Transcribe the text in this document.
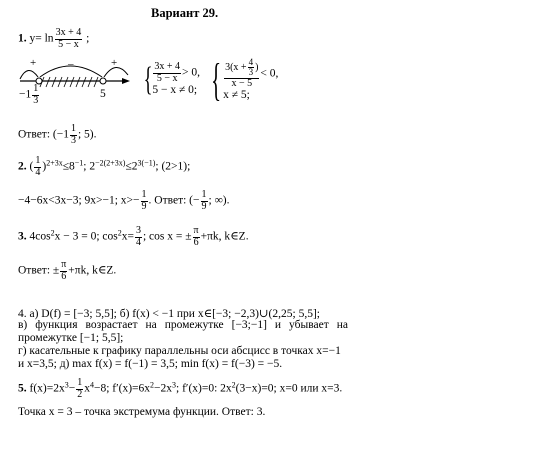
Вариант 29.
1. $y= \ln \frac{3x + 4}{5 - x}$ ;
+	–	+
$-1 \frac{1}{3}$	5 { $\frac{3x + 4}{5 - x} > 0$,
5 − x ≠ 0; { $\frac{3(x + \frac{4}{3} )}{x - 5} < 0$,
x ≠ 5;
Ответ: ($-1 \frac{1}{3}$ ; 5).
2. ( $\frac{1}{4} )^{2+3x}\le 8^{-1}$; $2^{-2(2+3x)}\le 2^{3(-1)}$; (2>1);
−4−6x<3x−3; 9x>−1; $x>- \frac{1}{9}$ . Ответ: (− $\frac{1}{9}$ ; ∞).
3. $4\cos^2x - 3 = 0$; $\cos^2x= \frac{3}{4}$ ; cos x = ± $\frac{\pi}{6} +\pi k$, k∈Z.
Ответ: ± $\frac{\pi}{6} +\pi k$, k∈Z.
4. а) D(f) = [−3; 5,5]; б) f(x) < −1 при x∈[−3; −2,3)∪(2,25; 5,5];
в) функция возрастает на промежутке [−3;−1] и убывает на
промежутке [−1; 5,5];
г) касательные к графику параллельны оси абсцисс в точках x=−1
и x=3,5; д) max f(x) = f(−1) = 3,5; min f(x) = f(−3) = −5.
5. $f(x)=2x^3- \frac{1}{2} x^4-8$; $f'(x)=6x^2-2x^3$; f′(x)=0: $2x^2(3-x)=0$; x=0 или x=3.
Точка x = 3 – точка экстремума функции. Ответ: 3.
